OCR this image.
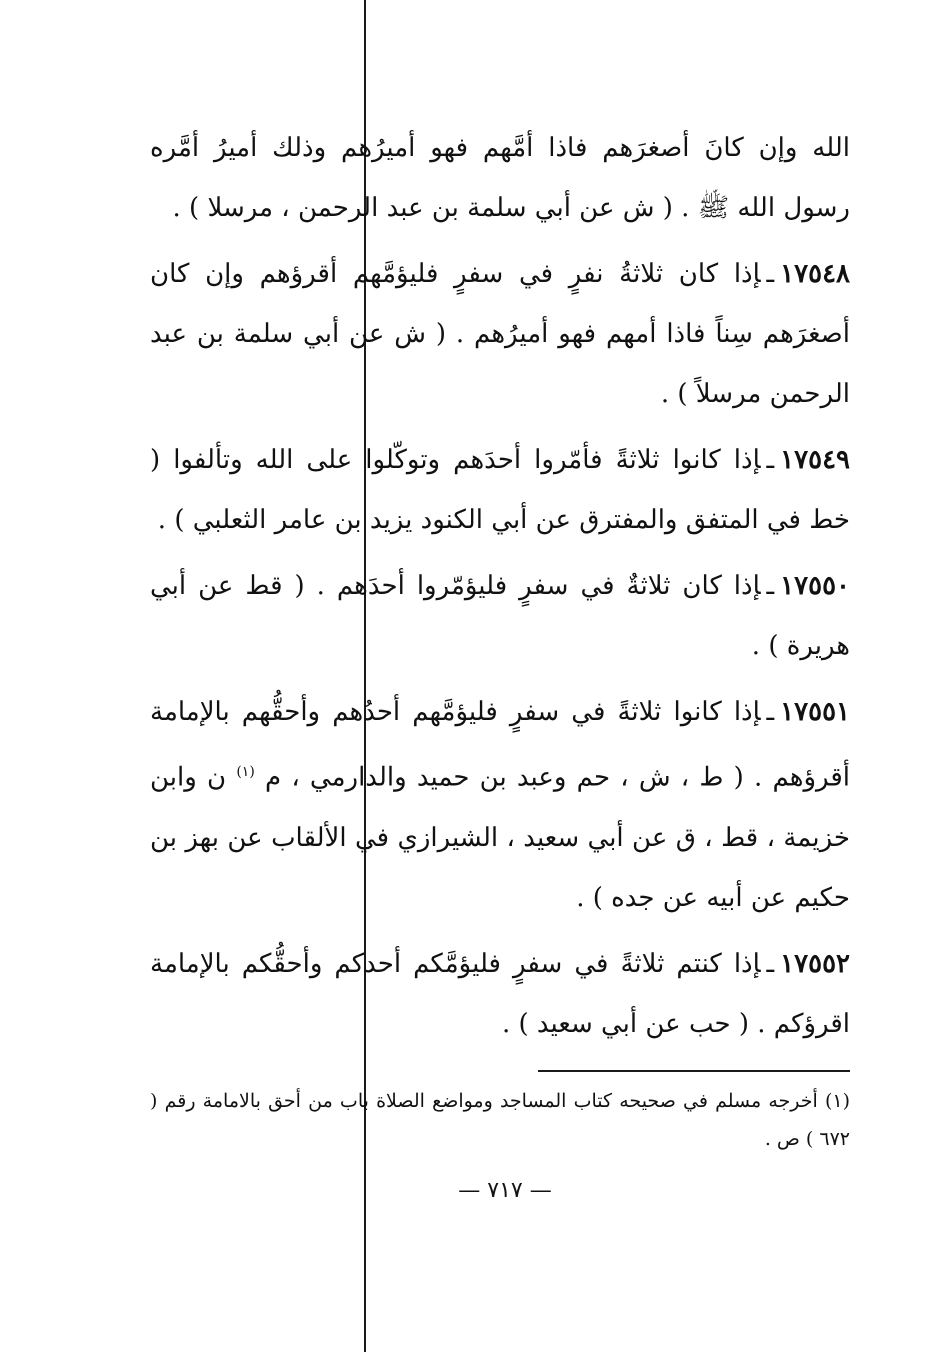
الله وإن كانَ أصغرَهم فاذا أمَّهم فهو أميرُهم وذلك أميرُ أمَّره رسول الله ﷺ . ( ش عن أبي سلمة بن عبد الرحمن ، مرسلا ) .

١٧٥٤٨ـإذا كان ثلاثةُ نفرٍ في سفرٍ فليؤمَّهم أقرؤهم وإن كان أصغرَهم سِناً فاذا أمهم فهو أميرُهم . ( ش عن أبي سلمة بن عبد الرحمن مرسلاً ) .

١٧٥٤٩ـإذا كانوا ثلاثةً فأمّروا أحدَهم وتوكّلوا على الله وتألفوا ( خط في المتفق والمفترق عن أبي الكنود يزيد بن عامر الثعلبي ) .

١٧٥٥٠ـإذا كان ثلاثةٌ في سفرٍ فليؤمّروا أحدَهم . ( قط عن أبي هريرة ) .

١٧٥٥١ـإذا كانوا ثلاثةً في سفرٍ فليؤمَّهم أحدُهم وأحقُّهم بالإمامة أقرؤهم . ( ط ، ش ، حم وعبد بن حميد والدارمي ، م $^{(١)}$ ن وابن خزيمة ، قط ، ق عن أبي سعيد ، الشيرازي في الألقاب عن بهز بن حكيم عن أبيه عن جده ) .

١٧٥٥٢ـإذا كنتم ثلاثةً في سفرٍ فليؤمَّكم أحدكم وأحقُّكم بالإمامة اقرؤكم . ( حب عن أبي سعيد ) .

(١) أخرجه مسلم في صحيحه كتاب المساجد ومواضع الصلاة باب من أحق بالامامة رقم ( ٦٧٢ ) ص .
— ٧١٧ —
